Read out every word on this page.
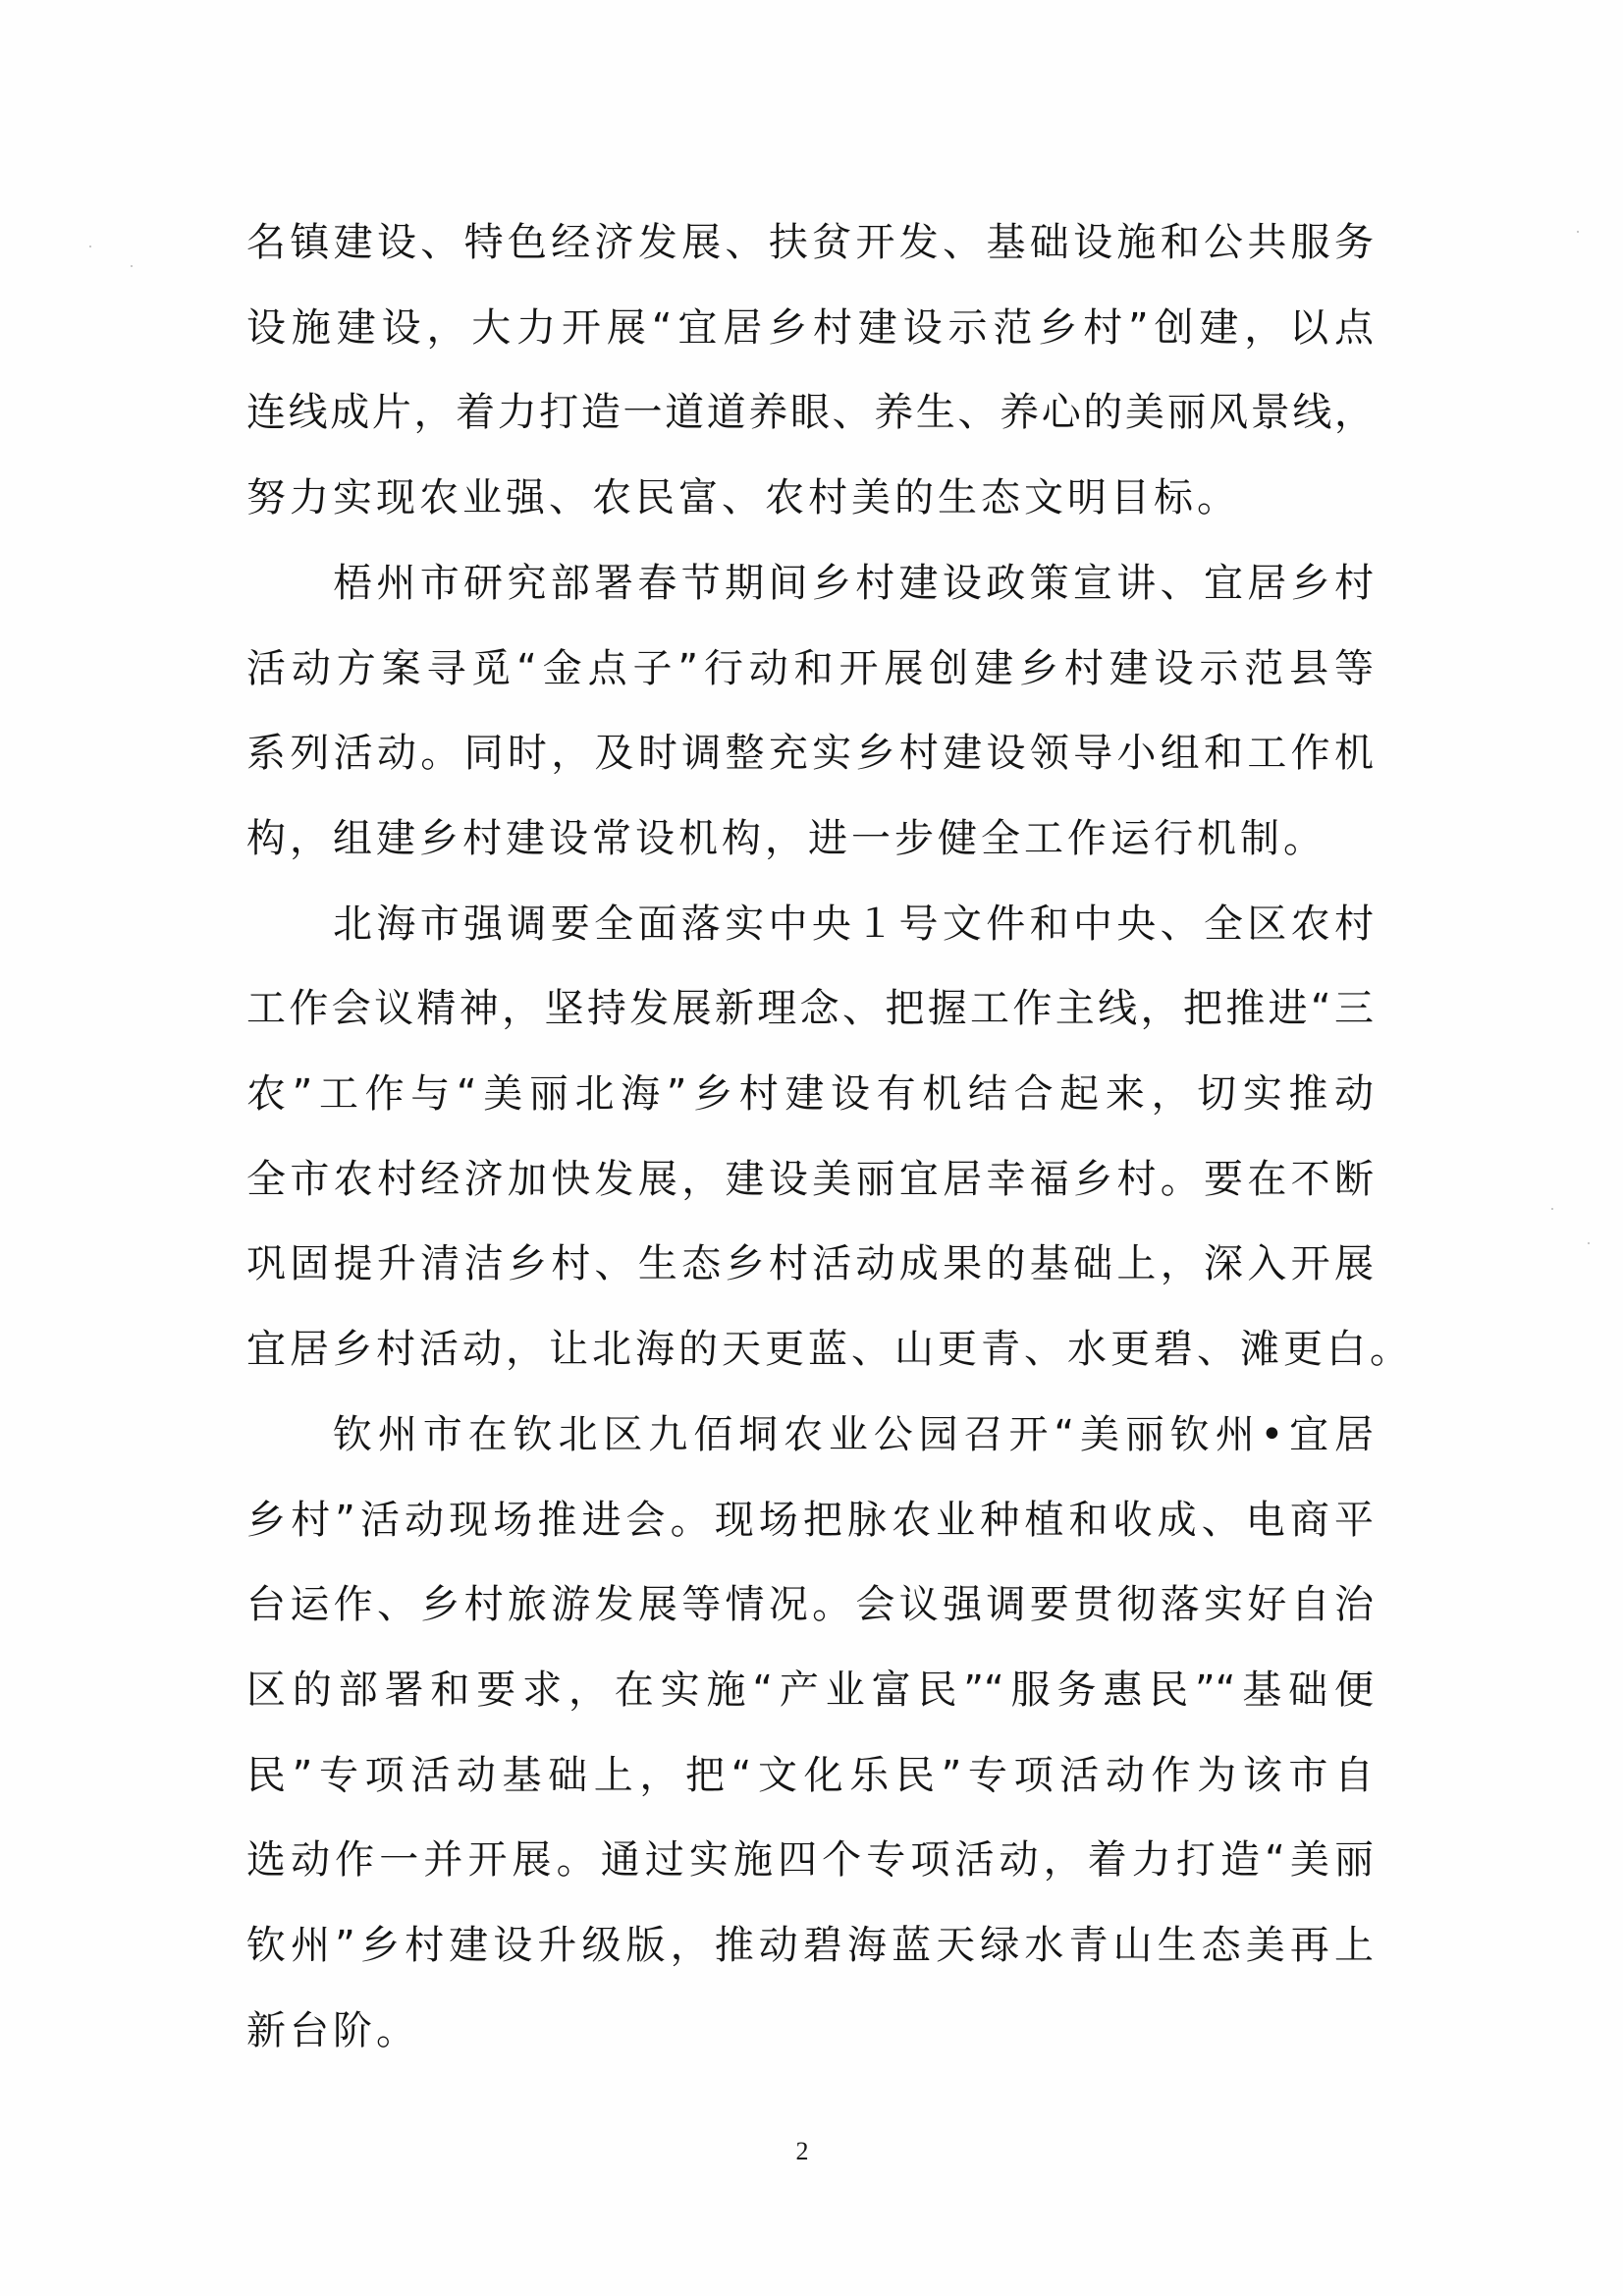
名镇建设、特色经济发展、扶贫开发、基础设施和公共服务
设施建设，大力开展“宜居乡村建设示范乡村”创建，以点
连线成片，着力打造一道道养眼、养生、养心的美丽风景线，
努力实现农业强、农民富、农村美的生态文明目标。
梧州市研究部署春节期间乡村建设政策宣讲、宜居乡村
活动方案寻觅“金点子”行动和开展创建乡村建设示范县等
系列活动。同时，及时调整充实乡村建设领导小组和工作机
构，组建乡村建设常设机构，进一步健全工作运行机制。
北海市强调要全面落实中央１号文件和中央、全区农村
工作会议精神，坚持发展新理念、把握工作主线，把推进“三
农”工作与“美丽北海”乡村建设有机结合起来，切实推动
全市农村经济加快发展，建设美丽宜居幸福乡村。要在不断
巩固提升清洁乡村、生态乡村活动成果的基础上，深入开展
宜居乡村活动，让北海的天更蓝、山更青、水更碧、滩更白。
钦州市在钦北区九佰垌农业公园召开“美丽钦州•宜居
乡村”活动现场推进会。现场把脉农业种植和收成、电商平
台运作、乡村旅游发展等情况。会议强调要贯彻落实好自治
区的部署和要求，在实施“产业富民”“服务惠民”“基础便
民”专项活动基础上，把“文化乐民”专项活动作为该市自
选动作一并开展。通过实施四个专项活动，着力打造“美丽
钦州”乡村建设升级版，推动碧海蓝天绿水青山生态美再上
新台阶。
2
